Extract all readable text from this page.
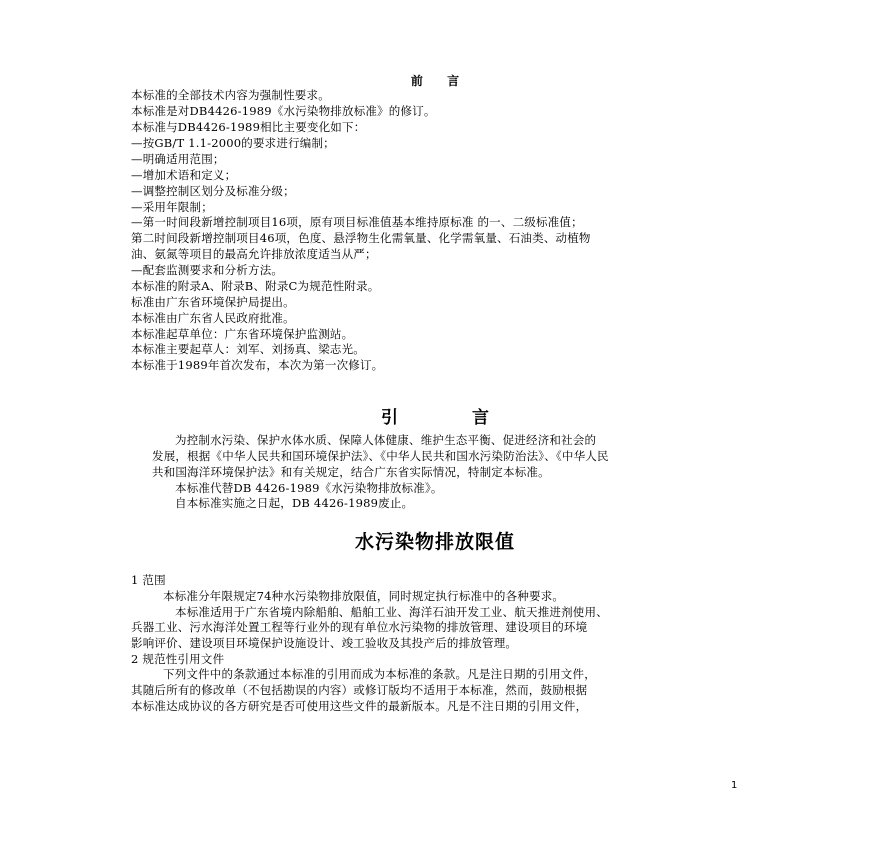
前 言
本标准的全部技术内容为强制性要求。
本标准是对DB4426-1989《水污染物排放标准》的修订。
本标准与DB4426-1989相比主要变化如下：
—按GB/T 1.1-2000的要求进行编制；
—明确适用范围；
—增加术语和定义；
—调整控制区划分及标准分级；
—采用年限制；
—第一时间段新增控制项目16项，原有项目标准值基本维持原标准 的一、二级标准值；
第二时间段新增控制项目46项，色度、悬浮物生化需氧量、化学需氧量、石油类、动植物
油、氨氮等项目的最高允许排放浓度适当从严；
—配套监测要求和分析方法。
本标准的附录A、附录B、附录C为规范性附录。
标准由广东省环境保护局提出。
本标准由广东省人民政府批准。
本标准起草单位：广东省环境保护监测站。
本标准主要起草人：刘军、刘扬真、梁志光。
本标准于1989年首次发布，本次为第一次修订。
引 言
为控制水污染、保护水体水质、保障人体健康、维护生态平衡、促进经济和社会的
发展，根据《中华人民共和国环境保护法》、《中华人民共和国水污染防治法》、《中华人民
共和国海洋环境保护法》和有关规定，结合广东省实际情况，特制定本标准。
本标准代替DB 4426-1989《水污染物排放标准》。
自本标准实施之日起，DB 4426-1989废止。
水污染物排放限值
1 范围
本标准分年限规定74种水污染物排放限值，同时规定执行标准中的各种要求。
本标准适用于广东省境内除船舶、船舶工业、海洋石油开发工业、航天推进剂使用、
兵器工业、污水海洋处置工程等行业外的现有单位水污染物的排放管理、建设项目的环境
影响评价、建设项目环境保护设施设计、竣工验收及其投产后的排放管理。
2 规范性引用文件
下列文件中的条款通过本标准的引用而成为本标准的条款。凡是注日期的引用文件，
其随后所有的修改单（不包括勘误的内容）或修订版均不适用于本标准，然而，鼓励根据
本标准达成协议的各方研究是否可使用这些文件的最新版本。凡是不注日期的引用文件，
1
